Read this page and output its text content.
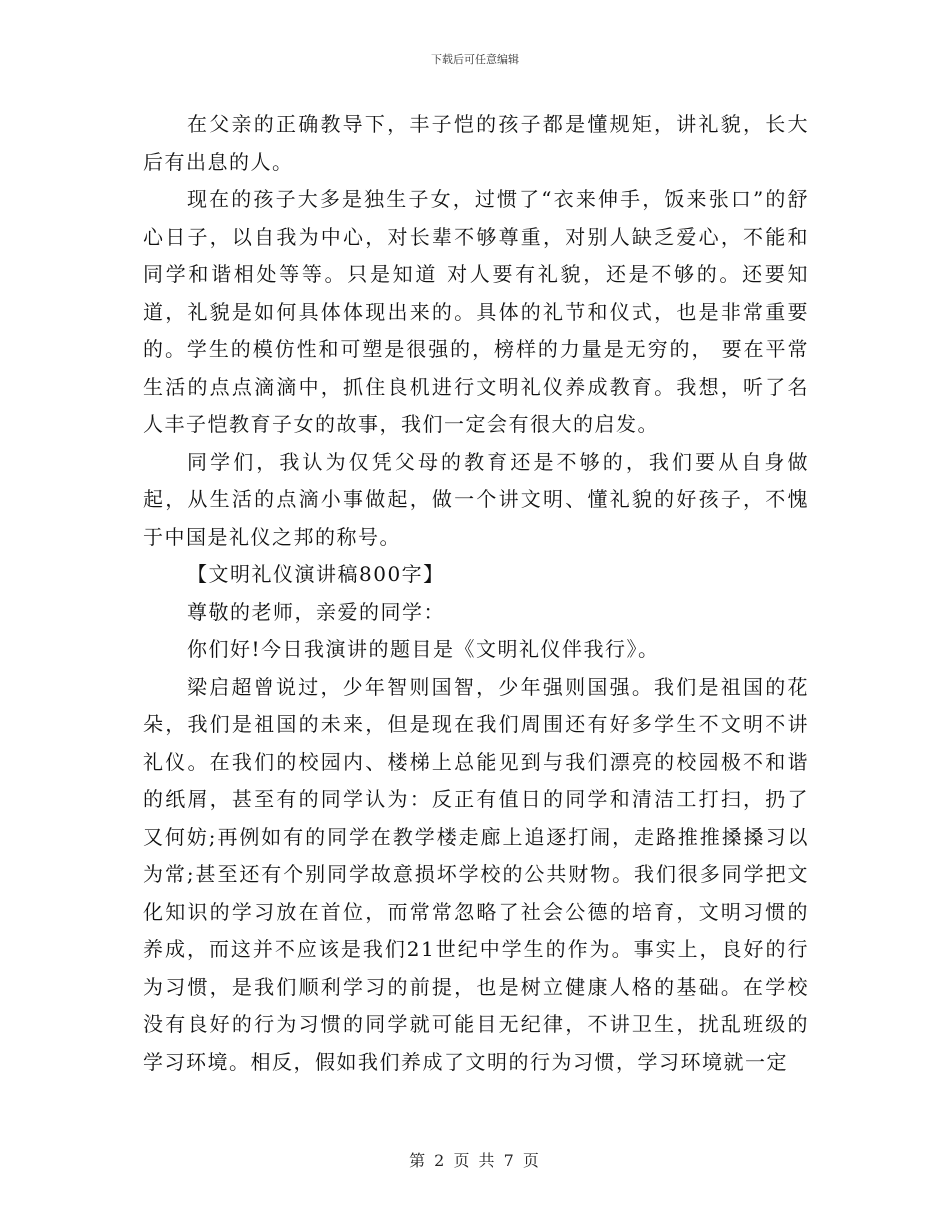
下载后可任意编辑

在父亲的正确教导下，丰子恺的孩子都是懂规矩，讲礼貌，长大后有出息的人。

现在的孩子大多是独生子女，过惯了“衣来伸手，饭来张口”的舒心日子，以自我为中心，对长辈不够尊重，对别人缺乏爱心，不能和同学和谐相处等等。只是知道 对人要有礼貌，还是不够的。还要知道，礼貌是如何具体体现出来的。具体的礼节和仪式，也是非常重要的。学生的模仿性和可塑是很强的，榜样的力量是无穷的， 要在平常生活的点点滴滴中，抓住良机进行文明礼仪养成教育。我想，听了名人丰子恺教育子女的故事，我们一定会有很大的启发。

同学们，我认为仅凭父母的教育还是不够的，我们要从自身做起，从生活的点滴小事做起，做一个讲文明、懂礼貌的好孩子，不愧于中国是礼仪之邦的称号。

【文明礼仪演讲稿800字】

尊敬的老师，亲爱的同学：

你们好!今日我演讲的题目是《文明礼仪伴我行》。

梁启超曾说过，少年智则国智，少年强则国强。我们是祖国的花朵，我们是祖国的未来，但是现在我们周围还有好多学生不文明不讲礼仪。在我们的校园内、楼梯上总能见到与我们漂亮的校园极不和谐的纸屑，甚至有的同学认为：反正有值日的同学和清洁工打扫，扔了又何妨;再例如有的同学在教学楼走廊上追逐打闹，走路推推搡搡习以为常;甚至还有个别同学故意损坏学校的公共财物。我们很多同学把文化知识的学习放在首位，而常常忽略了社会公德的培育，文明习惯的养成，而这并不应该是我们21世纪中学生的作为。事实上，良好的行为习惯，是我们顺利学习的前提，也是树立健康人格的基础。在学校没有良好的行为习惯的同学就可能目无纪律，不讲卫生，扰乱班级的学习环境。相反，假如我们养成了文明的行为习惯，学习环境就一定

第 2 页 共 7 页
